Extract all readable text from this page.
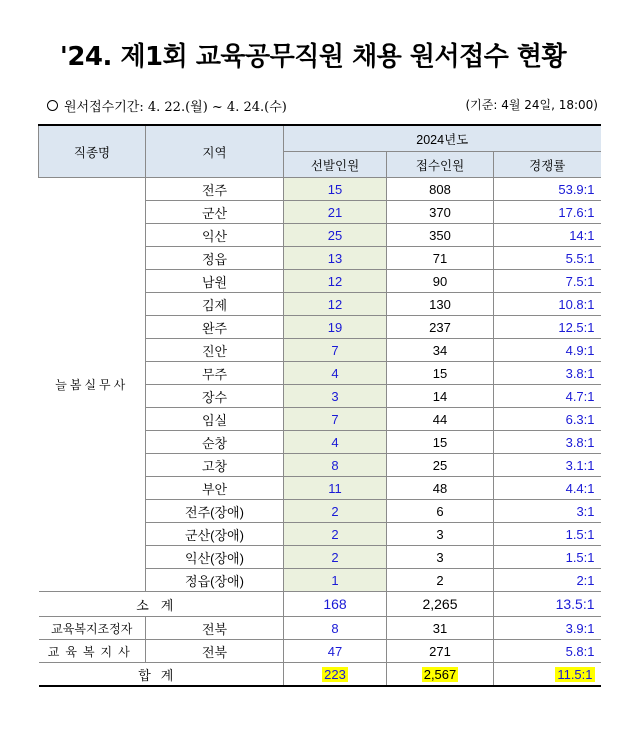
'24. 제1회 교육공무직원 채용 원서접수 현황
원서접수기간: 4. 22.(월) ~ 4. 24.(수)	(기준: 4월 24일, 18:00)
직종명	지역	2024년도		
		선발인원	접수인원	경쟁률
늘봄실무사	전주	15	808	53.9:1
	군산	21	370	17.6:1
	익산	25	350	14:1
	정읍	13	71	5.5:1
	남원	12	90	7.5:1
	김제	12	130	10.8:1
	완주	19	237	12.5:1
	진안	7	34	4.9:1
	무주	4	15	3.8:1
	장수	3	14	4.7:1
	임실	7	44	6.3:1
	순창	4	15	3.8:1
	고창	8	25	3.1:1
	부안	11	48	4.4:1
	전주(장애)	2	6	3:1
	군산(장애)	2	3	1.5:1
	익산(장애)	2	3	1.5:1
	정읍(장애)	1	2	2:1
소계		168	2,265	13.5:1
교육복지조정자	전북	8	31	3.9:1
교육복지사	전북	47	271	5.8:1
합계		223	2,567	11.5:1
